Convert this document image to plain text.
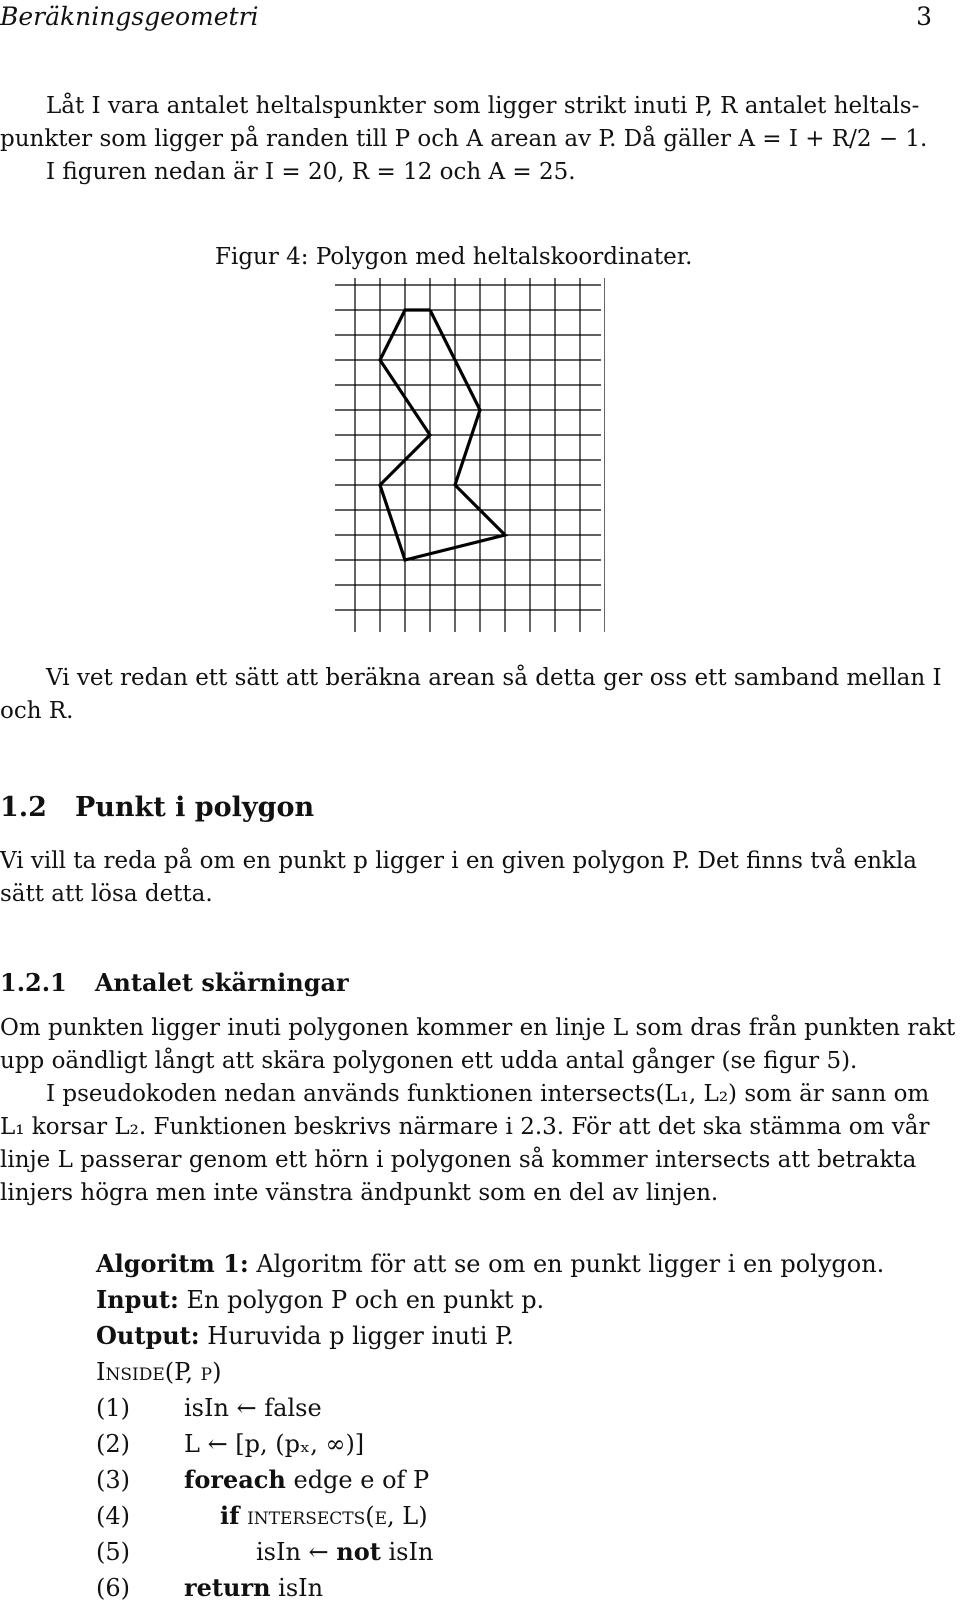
Beräkningsgeometri	3
Låt I vara antalet heltalspunkter som ligger strikt inuti P, R antalet heltals-
punkter som ligger på randen till P och A arean av P. Då gäller A = I + R/2 − 1.
I figuren nedan är I = 20, R = 12 och A = 25.
Figur 4: Polygon med heltalskoordinater.
Vi vet redan ett sätt att beräkna arean så detta ger oss ett samband mellan I
och R.
1.2 Punkt i polygon
Vi vill ta reda på om en punkt p ligger i en given polygon P. Det finns två enkla
sätt att lösa detta.
1.2.1 Antalet skärningar
Om punkten ligger inuti polygonen kommer en linje L som dras från punkten rakt
upp oändligt långt att skära polygonen ett udda antal gånger (se figur 5).
I pseudokoden nedan används funktionen intersects(L₁, L₂) som är sann om
L₁ korsar L₂. Funktionen beskrivs närmare i 2.3. För att det ska stämma om vår
linje L passerar genom ett hörn i polygonen så kommer intersects att betrakta
linjers högra men inte vänstra ändpunkt som en del av linjen.
Algoritm 1: Algoritm för att se om en punkt ligger i en polygon.
Input: En polygon P och en punkt p.
Output: Huruvida p ligger inuti P.
Inside(P, p)
(1) isIn ← false
(2) L ← [p, (pₓ, ∞)]
(3) foreach edge e of P
(4)	if intersects(e, L)
(5)	isIn ← not isIn
(6) return isIn
